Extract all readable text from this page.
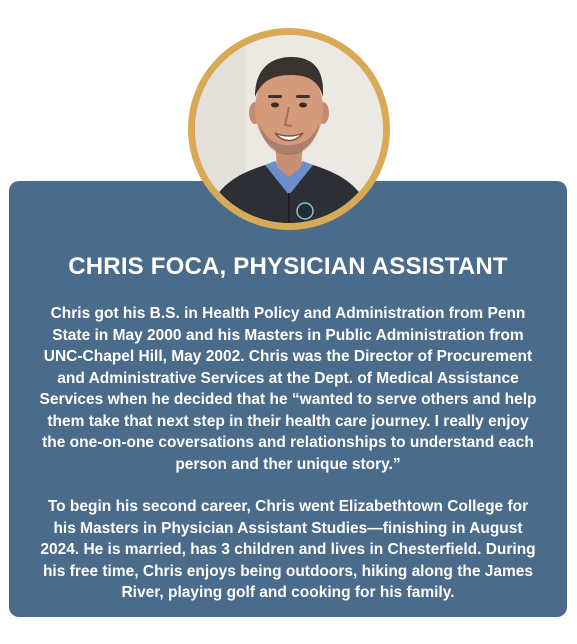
CHRIS FOCA, PHYSICIAN ASSISTANT

Chris got his B.S. in Health Policy and Administration from Penn State in May 2000 and his Masters in Public Administration from UNC-Chapel Hill, May 2002. Chris was the Director of Procurement and Administrative Services at the Dept. of Medical Assistance Services when he decided that he “wanted to serve others and help them take that next step in their health care journey. I really enjoy the one-on-one coversations and relationships to understand each person and ther unique story.”

To begin his second career, Chris went Elizabethtown College for his Masters in Physician Assistant Studies—finishing in August 2024. He is married, has 3 children and lives in Chesterfield. During his free time, Chris enjoys being outdoors, hiking along the James River, playing golf and cooking for his family.
